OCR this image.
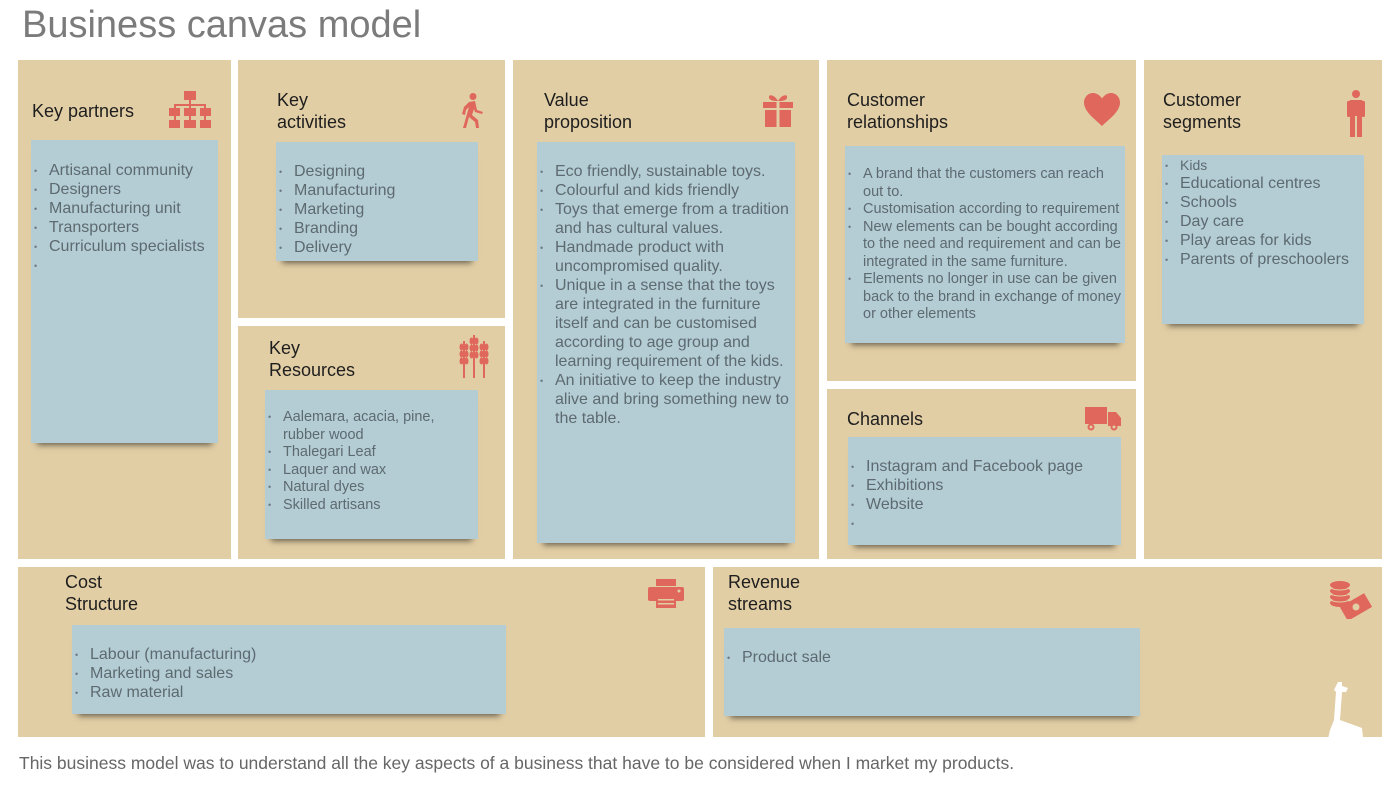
Business canvas model
Key partners
• Artisanal community
• Designers
• Manufacturing unit
• Transporters
• Curriculum specialists
•
Key
activities
• Designing
• Manufacturing
• Marketing
• Branding
• Delivery
Key
Resources
• Aalemara, acacia, pine, rubber wood
• Thalegari Leaf
• Laquer and wax
• Natural dyes
• Skilled artisans
Value
proposition
• Eco friendly, sustainable toys.
• Colourful and kids friendly
• Toys that emerge from a tradition and has cultural values.
• Handmade product with uncompromised quality.
• Unique in a sense that the toys are integrated in the furniture itself and can be customised according to age group and learning requirement of the kids.
• An initiative to keep the industry alive and bring something new to the table.
Customer
relationships
• A brand that the customers can reach out to.
• Customisation according to requirement
• New elements can be bought according to the need and requirement and can be integrated in the same furniture.
• Elements no longer in use can be given back to the brand in exchange of money or other elements
Channels
• Instagram and Facebook page
• Exhibitions
• Website
•
Customer
segments
• Kids
• Educational centres
• Schools
• Day care
• Play areas for kids
• Parents of preschoolers
Cost
Structure
• Labour (manufacturing)
• Marketing and sales
• Raw material
Revenue
streams
• Product sale
This business model was to understand all the key aspects of a business that have to be considered when I market my products.
